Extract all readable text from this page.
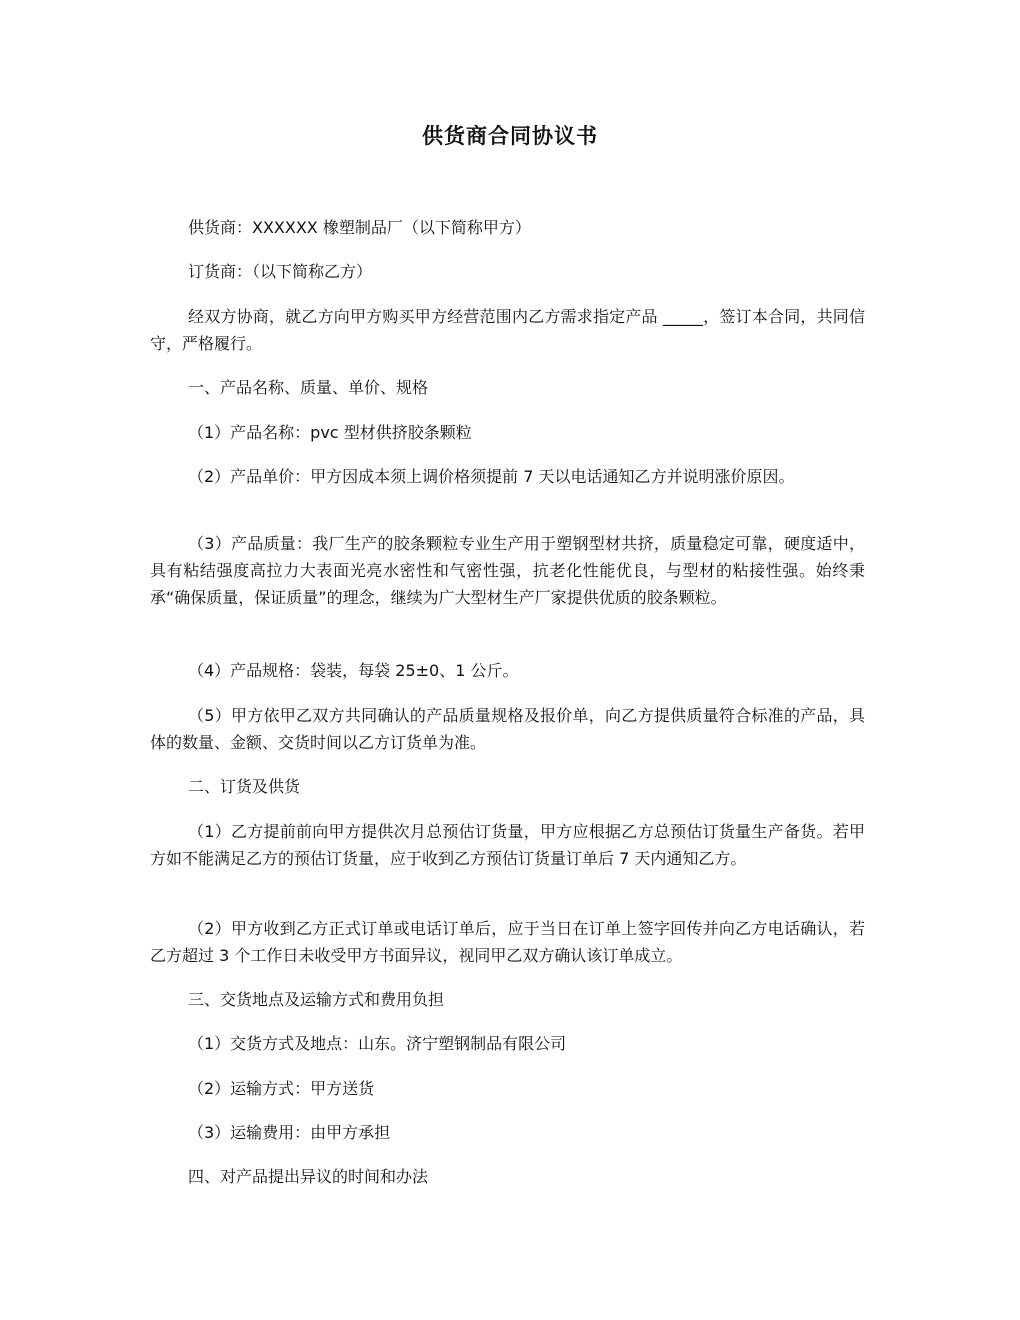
供货商合同协议书

供货商：XXXXXX 橡塑制品厂（以下简称甲方）

订货商：（以下简称乙方）

经双方协商，就乙方向甲方购买甲方经营范围内乙方需求指定产品 _____，签订本合同，共同信守，严格履行。

一、产品名称、质量、单价、规格

（1）产品名称：pvc 型材供挤胶条颗粒

（2）产品单价：甲方因成本须上调价格须提前 7 天以电话通知乙方并说明涨价原因。

（3）产品质量：我厂生产的胶条颗粒专业生产用于塑钢型材共挤，质量稳定可靠，硬度适中，具有粘结强度高拉力大表面光亮水密性和气密性强，抗老化性能优良，与型材的粘接性强。始终秉承“确保质量，保证质量”的理念，继续为广大型材生产厂家提供优质的胶条颗粒。

（4）产品规格：袋装，每袋 25±0、1 公斤。

（5）甲方依甲乙双方共同确认的产品质量规格及报价单，向乙方提供质量符合标准的产品，具体的数量、金额、交货时间以乙方订货单为准。

二、订货及供货

（1）乙方提前前向甲方提供次月总预估订货量，甲方应根据乙方总预估订货量生产备货。若甲方如不能满足乙方的预估订货量，应于收到乙方预估订货量订单后 7 天内通知乙方。

（2）甲方收到乙方正式订单或电话订单后，应于当日在订单上签字回传并向乙方电话确认，若乙方超过 3 个工作日未收受甲方书面异议，视同甲乙双方确认该订单成立。

三、交货地点及运输方式和费用负担

（1）交货方式及地点：山东。济宁塑钢制品有限公司

（2）运输方式：甲方送货

（3）运输费用：由甲方承担

四、对产品提出异议的时间和办法
